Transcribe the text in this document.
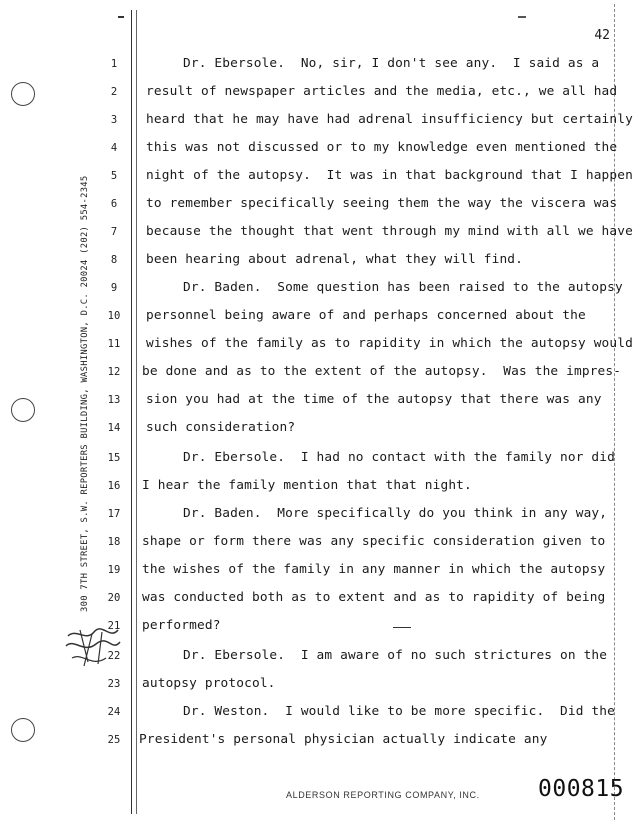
42
300 7TH STREET, S.W. REPORTERS BUILDING, WASHINGTON, D.C. 20024 (202) 554-2345
1	Dr. Ebersole.  No, sir, I don't see any.  I said as a
2	result of newspaper articles and the media, etc., we all had
3	heard that he may have had adrenal insufficiency but certainly
4	this was not discussed or to my knowledge even mentioned the
5	night of the autopsy.  It was in that background that I happen
6	to remember specifically seeing them the way the viscera was
7	because the thought that went through my mind with all we have
8	been hearing about adrenal, what they will find.
9	Dr. Baden.  Some question has been raised to the autopsy
10	personnel being aware of and perhaps concerned about the
11	wishes of the family as to rapidity in which the autopsy would
12	be done and as to the extent of the autopsy.  Was the impres-
13	sion you had at the time of the autopsy that there was any
14	such consideration?
15	Dr. Ebersole.  I had no contact with the family nor did
16	I hear the family mention that that night.
17	Dr. Baden.  More specifically do you think in any way,
18	shape or form there was any specific consideration given to
19	the wishes of the family in any manner in which the autopsy
20	was conducted both as to extent and as to rapidity of being
21	performed?
22	Dr. Ebersole.  I am aware of no such strictures on the
23	autopsy protocol.
24	Dr. Weston.  I would like to be more specific.  Did the
25	President's personal physician actually indicate any
ALDERSON REPORTING COMPANY, INC.	000815
